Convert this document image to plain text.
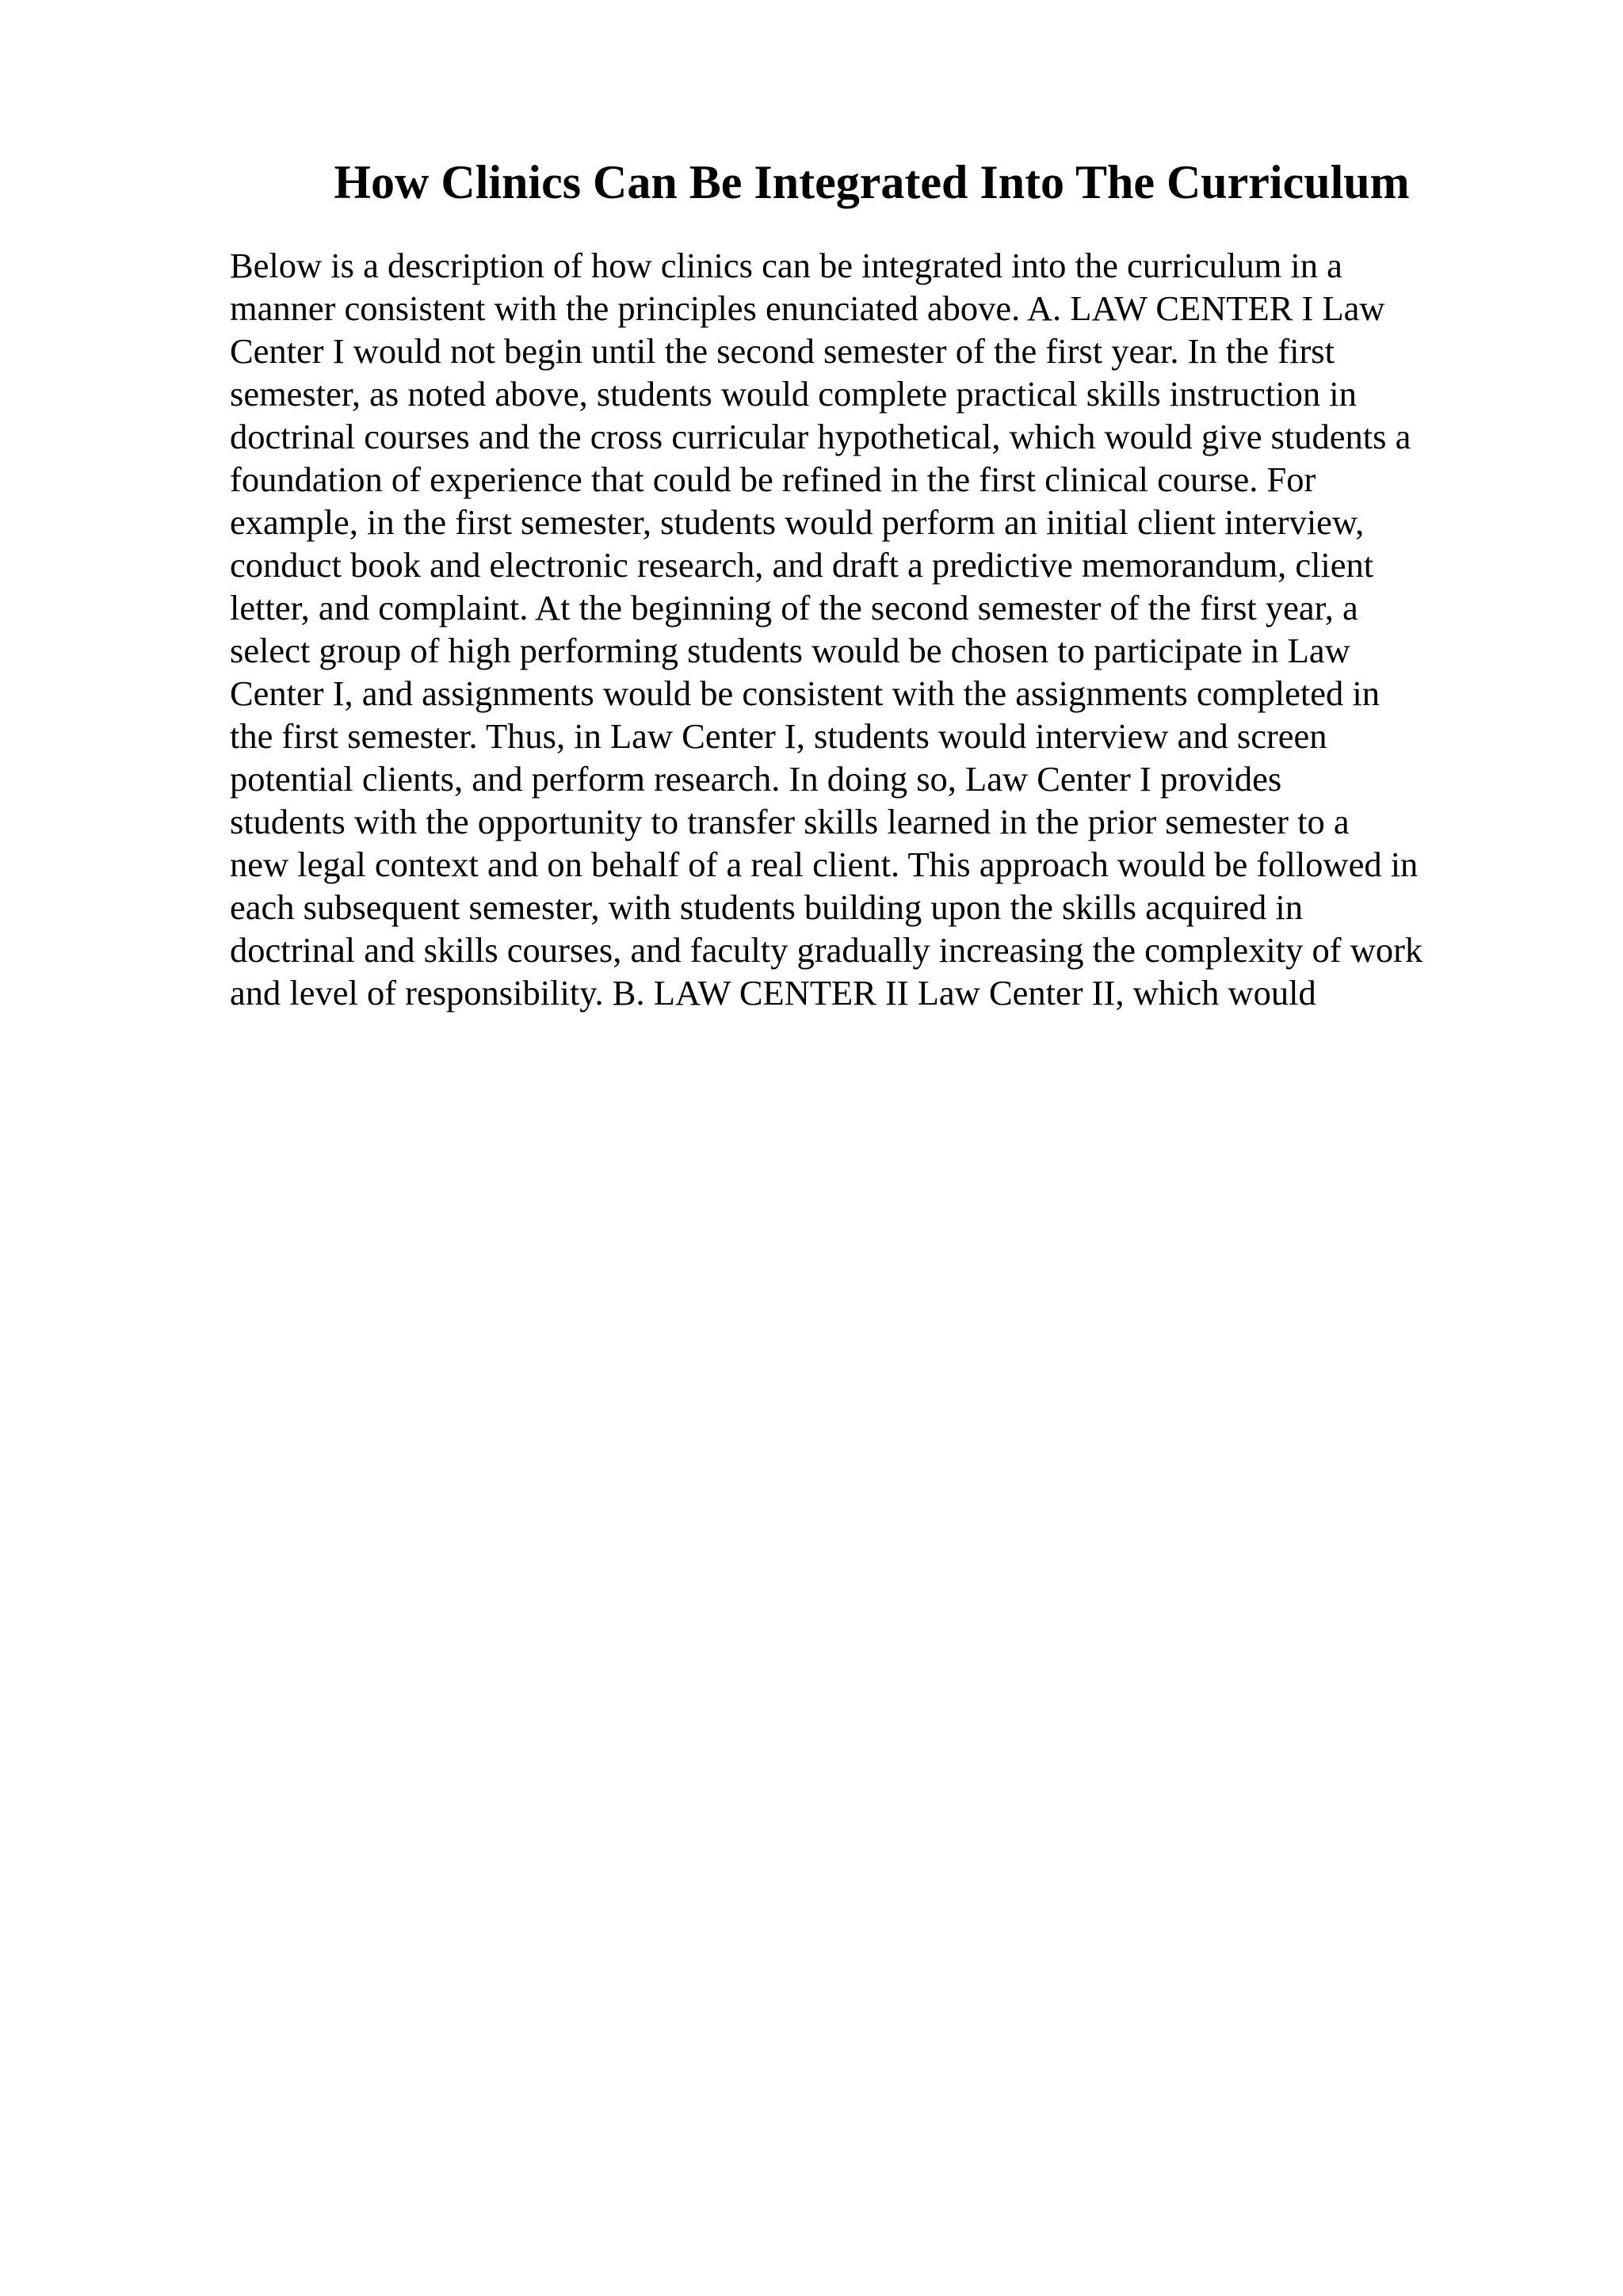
How Clinics Can Be Integrated Into The Curriculum
Below is a description of how clinics can be integrated into the curriculum in a
manner consistent with the principles enunciated above. A. LAW CENTER I Law
Center I would not begin until the second semester of the first year. In the first
semester, as noted above, students would complete practical skills instruction in
doctrinal courses and the cross curricular hypothetical, which would give students a
foundation of experience that could be refined in the first clinical course. For
example, in the first semester, students would perform an initial client interview,
conduct book and electronic research, and draft a predictive memorandum, client
letter, and complaint. At the beginning of the second semester of the first year, a
select group of high performing students would be chosen to participate in Law
Center I, and assignments would be consistent with the assignments completed in
the first semester. Thus, in Law Center I, students would interview and screen
potential clients, and perform research. In doing so, Law Center I provides
students with the opportunity to transfer skills learned in the prior semester to a
new legal context and on behalf of a real client. This approach would be followed in
each subsequent semester, with students building upon the skills acquired in
doctrinal and skills courses, and faculty gradually increasing the complexity of work
and level of responsibility. B. LAW CENTER II Law Center II, which would
